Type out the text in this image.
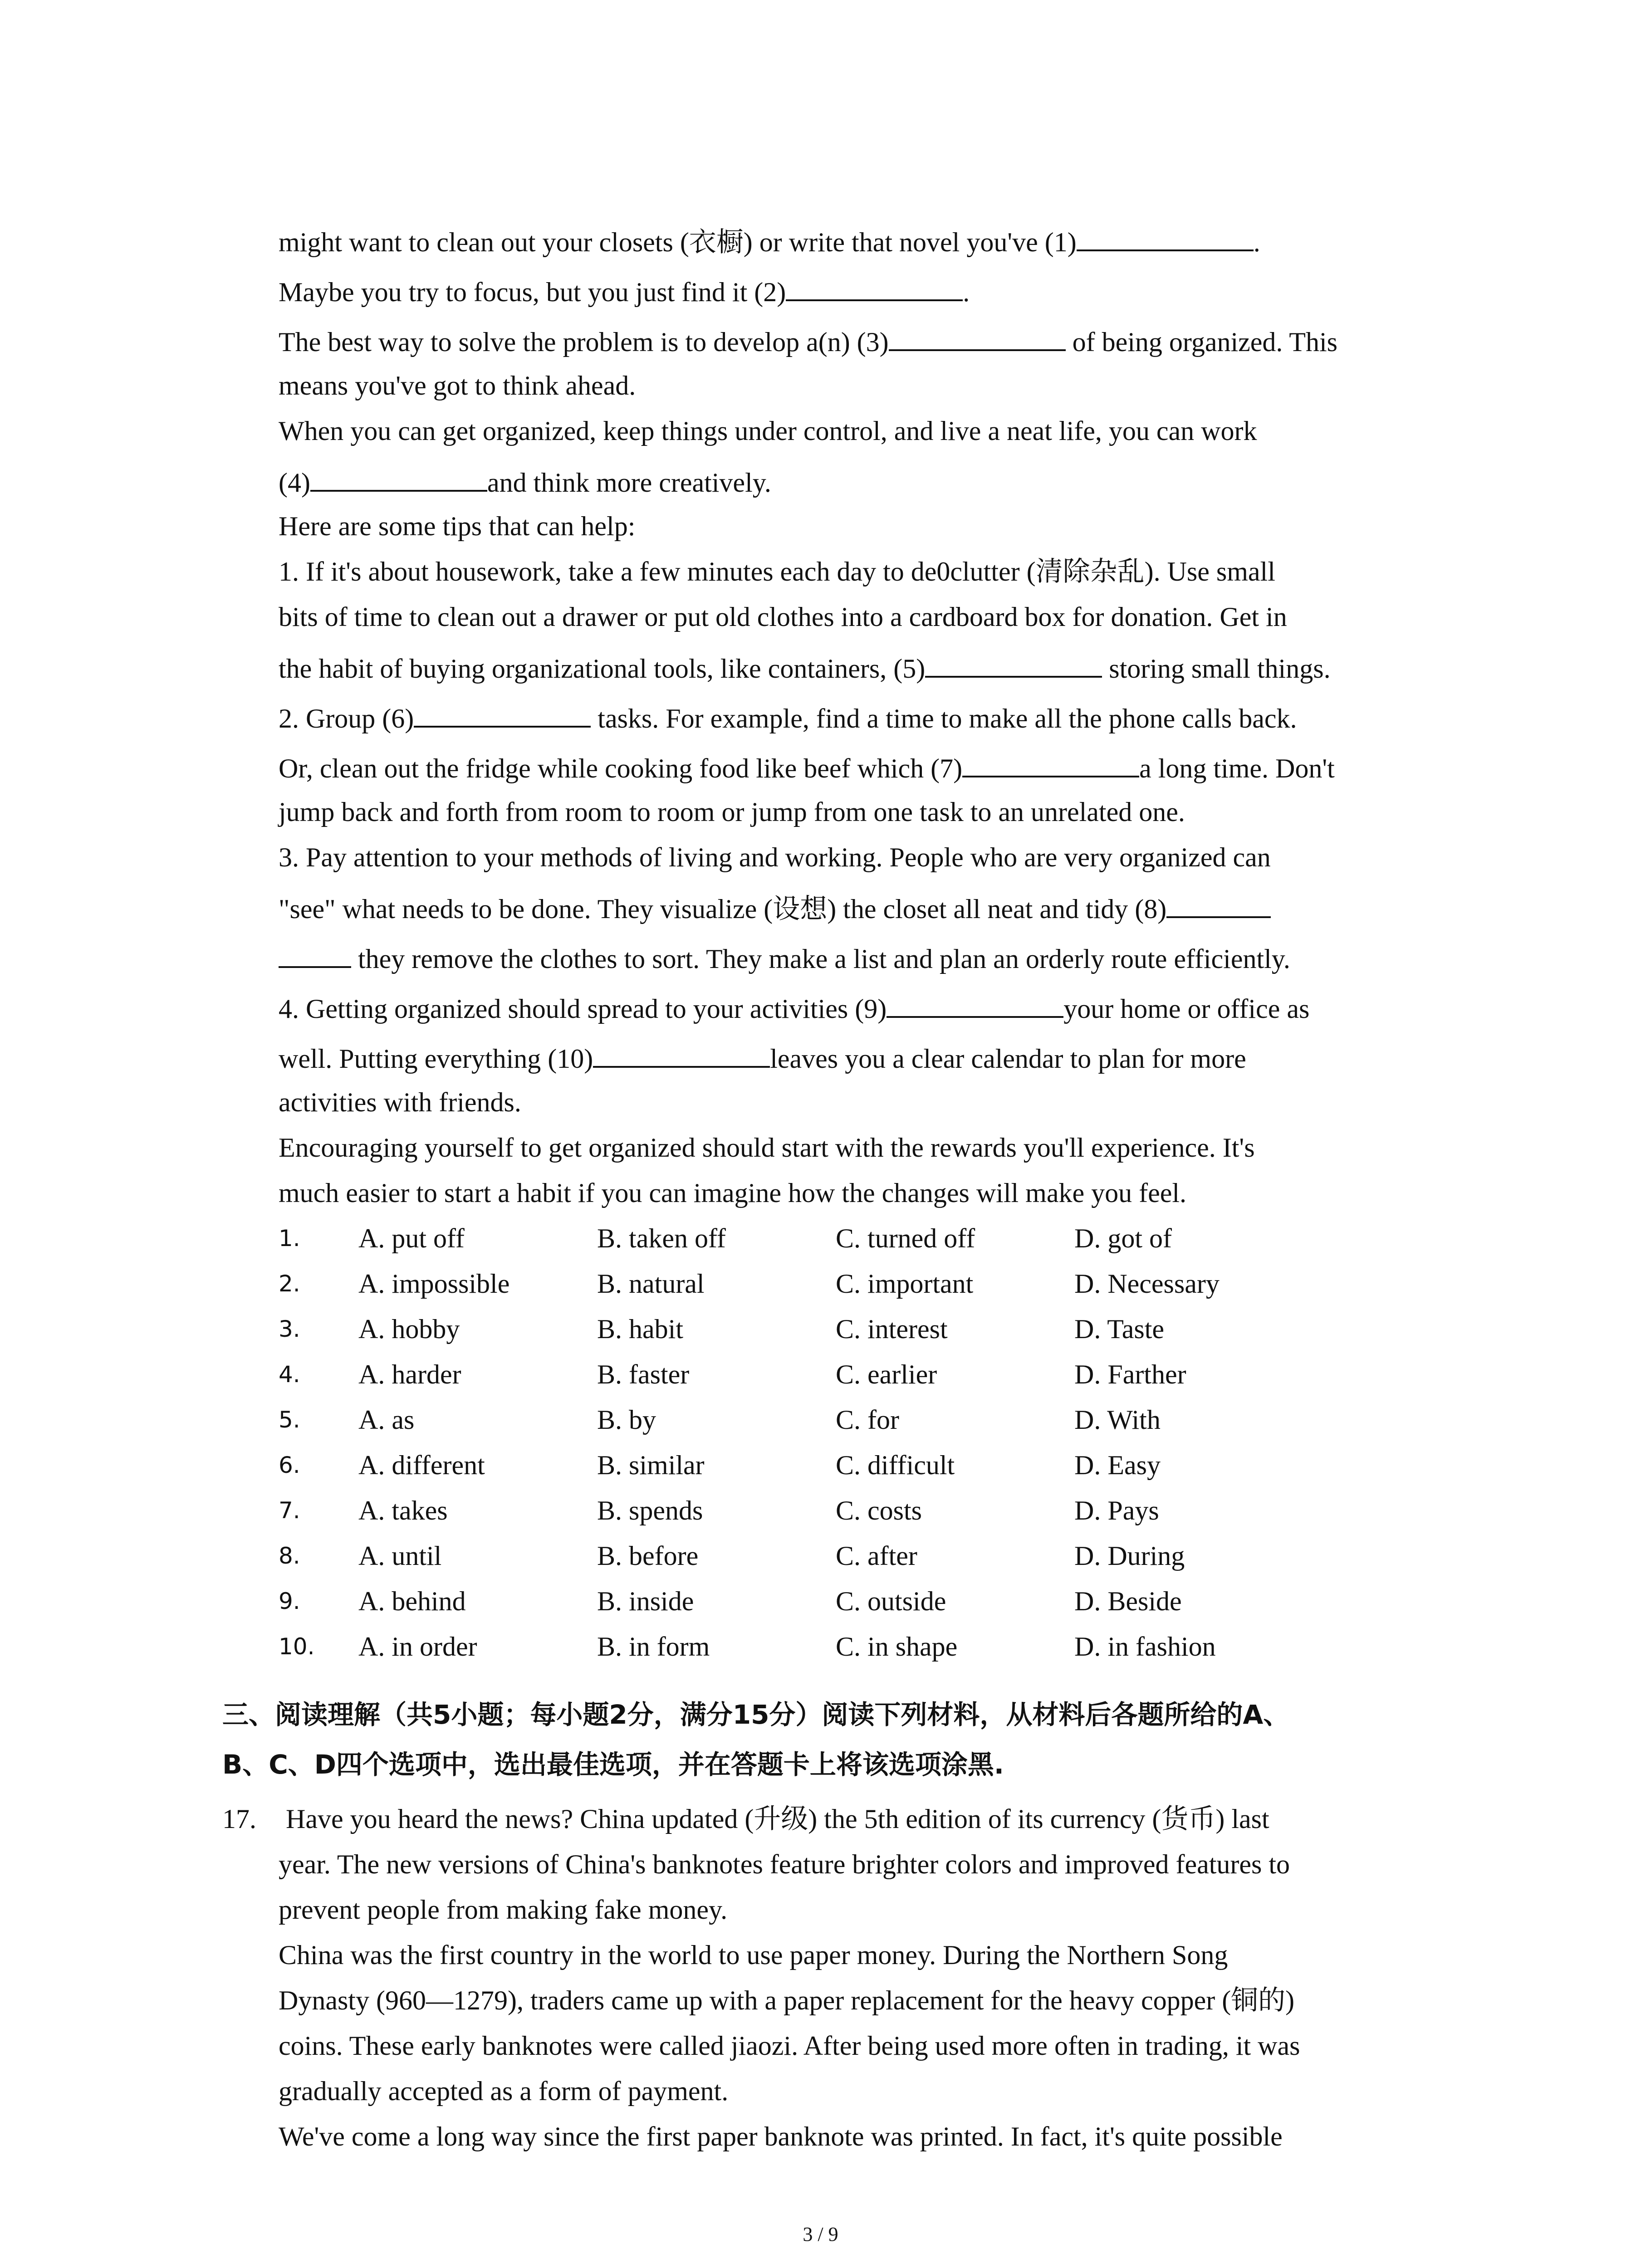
might want to clean out your closets (衣橱) or write that novel you've (1)	.
Maybe you try to focus, but you just find it (2)	.
The best way to solve the problem is to develop a(n) (3)	of being organized. This
means you've got to think ahead.
When you can get organized, keep things under control, and live a neat life, you can work
(4)	and think more creatively.
Here are some tips that can help:
1. If it's about housework, take a few minutes each day to de0clutter (清除杂乱). Use small
bits of time to clean out a drawer or put old clothes into a cardboard box for donation. Get in
the habit of buying organizational tools, like containers, (5)	storing small things.
2. Group (6)	tasks. For example, find a time to make all the phone calls back.
Or, clean out the fridge while cooking food like beef which (7)	a long time. Don't
jump back and forth from room to room or jump from one task to an unrelated one.
3. Pay attention to your methods of living and working. People who are very organized can
"see" what needs to be done. They visualize (设想) the closet all neat and tidy (8)
they remove the clothes to sort. They make a list and plan an orderly route efficiently.
4. Getting organized should spread to your activities (9)	your home or office as
well. Putting everything (10)	leaves you a clear calendar to plan for more
activities with friends.
Encouraging yourself to get organized should start with the rewards you'll experience. It's
much easier to start a habit if you can imagine how the changes will make you feel.
1. A. put off	B. taken off	C. turned off	D. got of
2. A. impossible	B. natural	C. important	D. Necessary
3. A. hobby	B. habit	C. interest	D. Taste
4. A. harder	B. faster	C. earlier	D. Farther
5. A. as	B. by	C. for	D. With
6. A. different	B. similar	C. difficult	D. Easy
7. A. takes	B. spends	C. costs	D. Pays
8. A. until	B. before	C. after	D. During
9. A. behind	B. inside	C. outside	D. Beside
10. A. in order	B. in form	C. in shape	D. in fashion
三、阅读理解（共5小题；每小题2分，满分15分）阅读下列材料，从材料后各题所给的A、
B、C、D四个选项中，选出最佳选项，并在答题卡上将该选项涂黑.
17. Have you heard the news? China updated (升级) the 5th edition of its currency (货币) last
year. The new versions of China's banknotes feature brighter colors and improved features to
prevent people from making fake money.
China was the first country in the world to use paper money. During the Northern Song
Dynasty (960—1279), traders came up with a paper replacement for the heavy copper (铜的)
coins. These early banknotes were called jiaozi. After being used more often in trading, it was
gradually accepted as a form of payment.
We've come a long way since the first paper banknote was printed. In fact, it's quite possible
3 / 9
